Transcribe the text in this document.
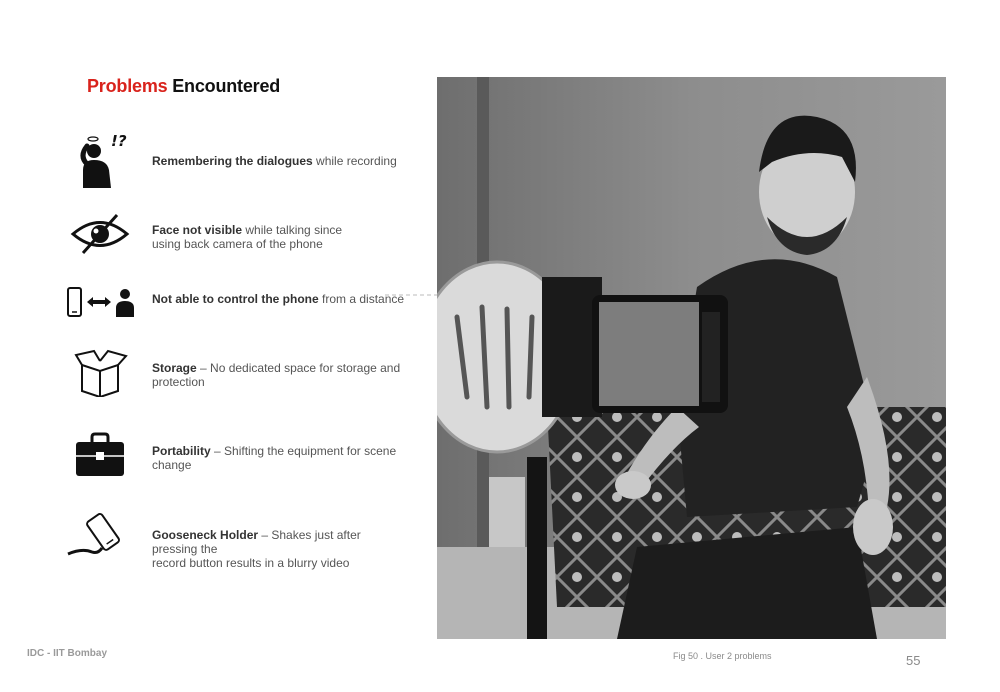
Problems Encountered
!?
Remembering the dialogues while recording
Face not visible while talking since using back camera of the phone
Not able to control the phone from a distance
Storage – No dedicated space for storage and protection
Portability – Shifting the equipment for scene change
Gooseneck Holder – Shakes just after pressing the
record button results in a blurry video
IDC - IIT Bombay	Fig 50 . User 2 problems	55
